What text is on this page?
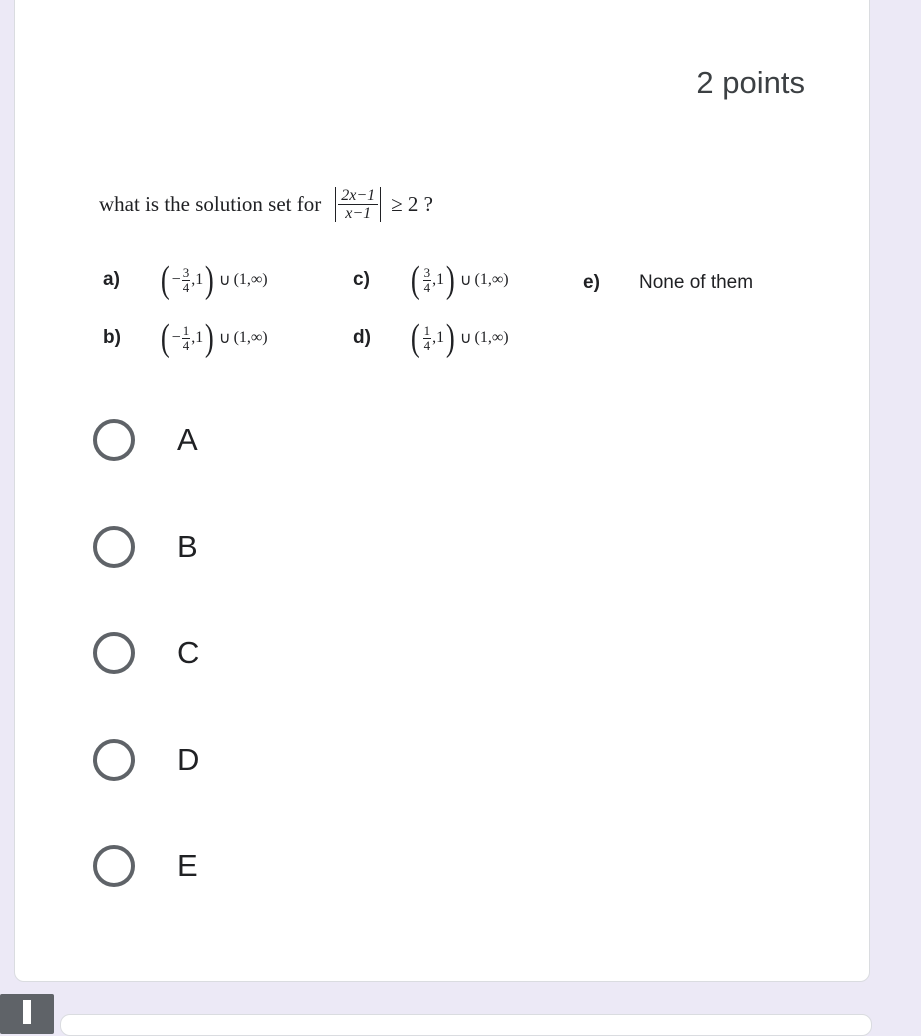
2 points
what is the solution set for $\frac{2x-1}{x-1} \ge 2$ ?
a)	( − $\frac{3}{4} ,1$ ) ∪ (1,∞)
b)	( − $\frac{1}{4} ,1$ ) ∪ (1,∞)
c)	( 3
4 ,1 ) ∪ (1,∞)
d)	( 1
4 ,1 ) ∪ (1,∞)
e)	None of them
A
B
C
D
E
